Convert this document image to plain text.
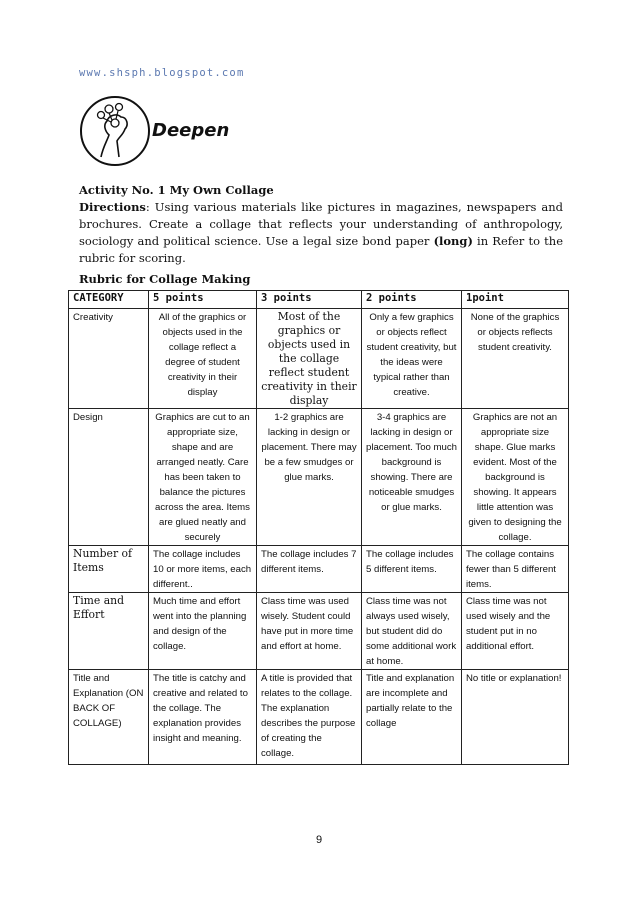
www.shsph.blogspot.com
Deepen
Activity No. 1 My Own Collage
Directions: Using various materials like pictures in magazines, newspapers and brochures. Create a collage that reflects your understanding of anthropology, sociology and political science. Use a legal size bond paper (long) in Refer to the rubric for scoring.
Rubric for Collage Making
CATEGORY	5 points	3 points	2 points	1point
Creativity	All of the graphics or objects used in the collage reflect a degree of student creativity in their display	Most of the graphics or objects used in the collage reflect student creativity in their display	Only a few graphics or objects reflect student creativity, but the ideas were typical rather than creative.	None of the graphics or objects reflects student creativity.
Design	Graphics are cut to an appropriate size, shape and are arranged neatly. Care has been taken to balance the pictures across the area. Items are glued neatly and securely	1-2 graphics are lacking in design or placement. There may be a few smudges or glue marks.	3-4 graphics are lacking in design or placement. Too much background is showing. There are noticeable smudges or glue marks.	Graphics are not an appropriate size shape. Glue marks evident. Most of the background is showing. It appears little attention was given to designing the collage.
Number of Items	The collage includes 10 or more items, each different..	The collage includes 7 different items.	The collage includes 5 different items.	The collage contains fewer than 5 different items.
Time and Effort	Much time and effort went into the planning and design of the collage.	Class time was used wisely. Student could have put in more time and effort at home.	Class time was not always used wisely, but student did do some additional work at home.	Class time was not used wisely and the student put in no additional effort.
Title and Explanation (ON BACK OF COLLAGE)	The title is catchy and creative and related to the collage. The explanation provides insight and meaning.	A title is provided that relates to the collage. The explanation describes the purpose of creating the collage.	Title and explanation are incomplete and partially relate to the collage	No title or explanation!
9
